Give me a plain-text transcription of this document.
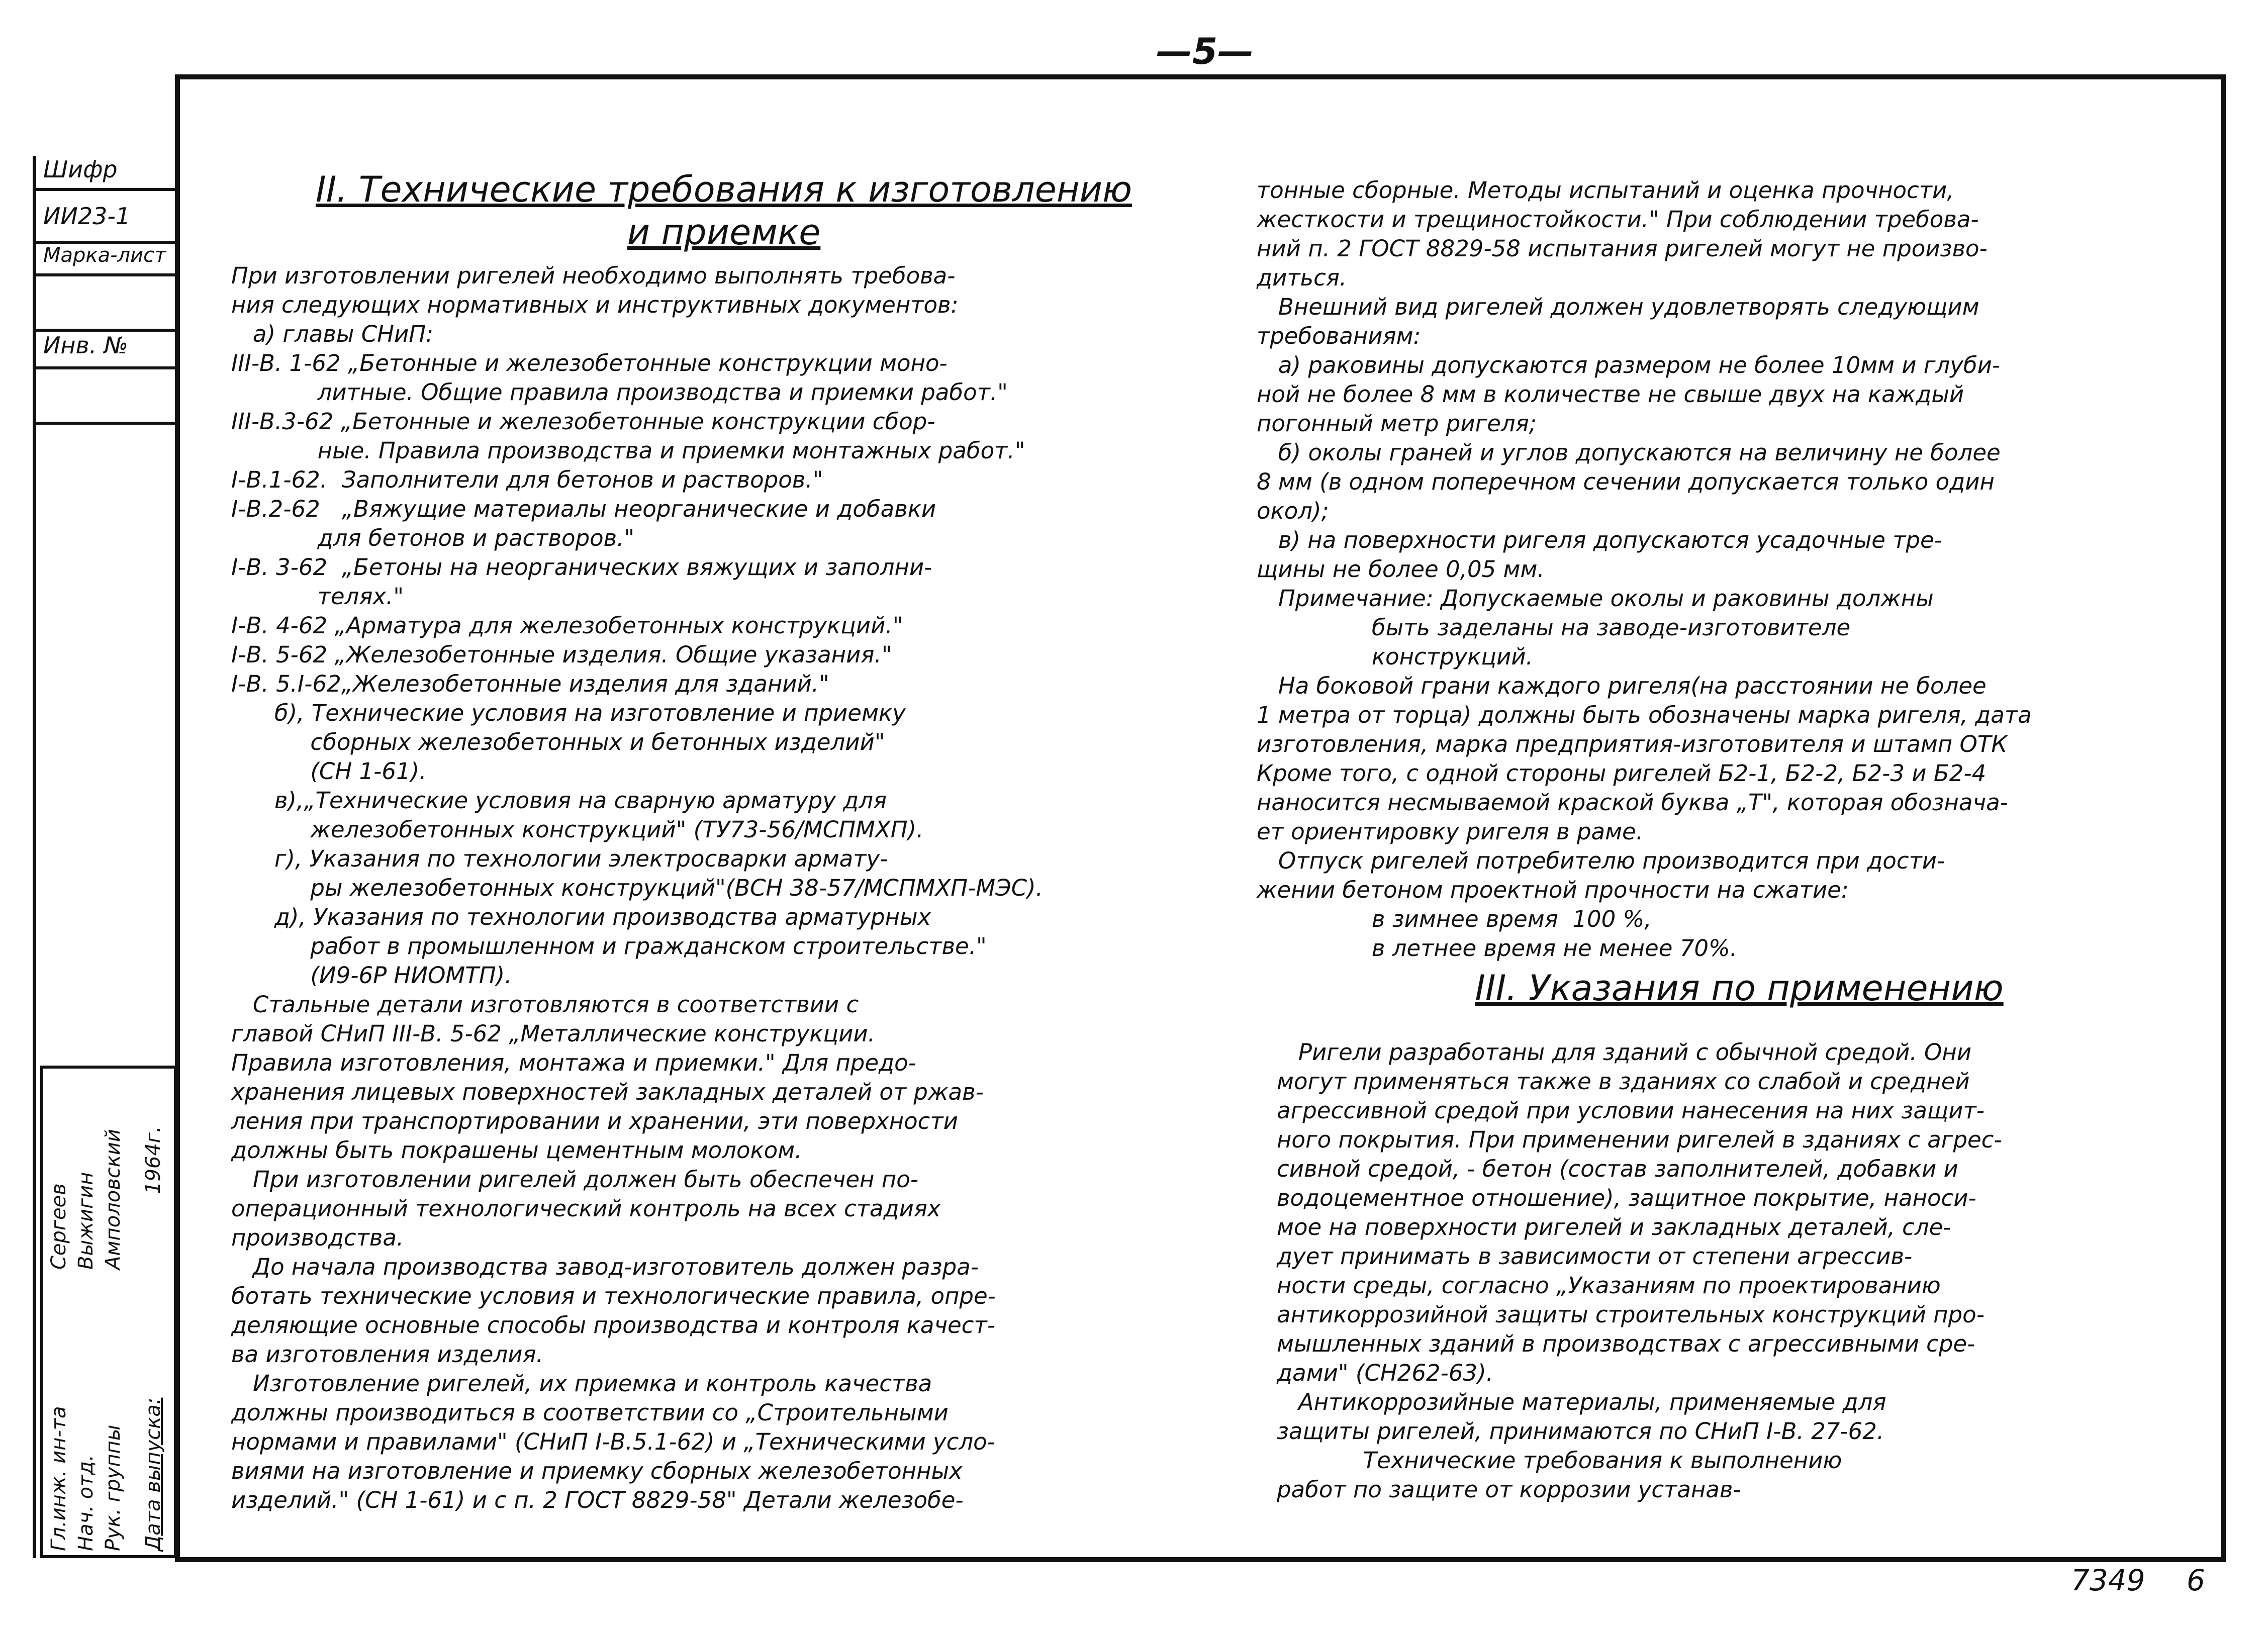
—5—
Шифр
ИИ23-1
Марка-лист
Инв. №
Гл.инж. ин-та Нач. отд. Рук. группы Дата выпуска:
Сергеев Выжигин Амполовский 1964г.
II. Технические требования к изготовлению
и приемке
При изготовлении ригелей необходимо выполнять требова-
ния следующих нормативных и инструктивных документов:
а) главы СНиП:
III-В. 1-62 „Бетонные и железобетонные конструкции моно-
литные. Общие правила производства и приемки работ."
III-В.3-62 „Бетонные и железобетонные конструкции сбор-
ные. Правила производства и приемки монтажных работ."
I-В.1-62.  Заполнители для бетонов и растворов."
I-В.2-62   „Вяжущие материалы неорганические и добавки
для бетонов и растворов."
I-В. 3-62  „Бетоны на неорганических вяжущих и заполни-
телях."
I-В. 4-62 „Арматура для железобетонных конструкций."
I-В. 5-62 „Железобетонные изделия. Общие указания."
I-В. 5.I-62„Железобетонные изделия для зданий."
б), Технические условия на изготовление и приемку
сборных железобетонных и бетонных изделий"
(СН 1-61).
в),„Технические условия на сварную арматуру для
железобетонных конструкций" (ТУ73-56/МСПМХП).
г), Указания по технологии электросварки армату-
ры железобетонных конструкций"(ВСН 38-57/МСПМХП-МЭС).
д), Указания по технологии производства арматурных
работ в промышленном и гражданском строительстве."
(И9-6Р НИОМТП).
Стальные детали изготовляются в соответствии с
главой СНиП III-В. 5-62 „Металлические конструкции.
Правила изготовления, монтажа и приемки." Для предо-
хранения лицевых поверхностей закладных деталей от ржав-
ления при транспортировании и хранении, эти поверхности
должны быть покрашены цементным молоком.
При изготовлении ригелей должен быть обеспечен по-
операционный технологический контроль на всех стадиях
производства.
До начала производства завод-изготовитель должен разра-
ботать технические условия и технологические правила, опре-
деляющие основные способы производства и контроля качест-
ва изготовления изделия.
Изготовление ригелей, их приемка и контроль качества
должны производиться в соответствии со „Строительными
нормами и правилами" (СНиП I-В.5.1-62) и „Техническими усло-
виями на изготовление и приемку сборных железобетонных
изделий." (СН 1-61) и с п. 2 ГОСТ 8829-58" Детали железобе-
тонные сборные. Методы испытаний и оценка прочности,
жесткости и трещиностойкости." При соблюдении требова-
ний п. 2 ГОСТ 8829-58 испытания ригелей могут не произво-
диться.
Внешний вид ригелей должен удовлетворять следующим
требованиям:
а) раковины допускаются размером не более 10мм и глуби-
ной не более 8 мм в количестве не свыше двух на каждый
погонный метр ригеля;
б) околы граней и углов допускаются на величину не более
8 мм (в одном поперечном сечении допускается только один
окол);
в) на поверхности ригеля допускаются усадочные тре-
щины не более 0,05 мм.
Примечание: Допускаемые околы и раковины должны
быть заделаны на заводе-изготовителе
конструкций.
На боковой грани каждого ригеля(на расстоянии не более
1 метра от торца) должны быть обозначены марка ригеля, дата
изготовления, марка предприятия-изготовителя и штамп ОТК
Кроме того, с одной стороны ригелей Б2-1, Б2-2, Б2-3 и Б2-4
наносится несмываемой краской буква „Т", которая обознача-
ет ориентировку ригеля в раме.
Отпуск ригелей потребителю производится при дости-
жении бетоном проектной прочности на сжатие:
в зимнее время  100 %,
в летнее время не менее 70%.
III. Указания по применению
Ригели разработаны для зданий с обычной средой. Они
могут применяться также в зданиях со слабой и средней
агрессивной средой при условии нанесения на них защит-
ного покрытия. При применении ригелей в зданиях с агрес-
сивной средой, - бетон (состав заполнителей, добавки и
водоцементное отношение), защитное покрытие, наноси-
мое на поверхности ригелей и закладных деталей, сле-
дует принимать в зависимости от степени агрессив-
ности среды, согласно „Указаниям по проектированию
антикоррозийной защиты строительных конструкций про-
мышленных зданий в производствах с агрессивными сре-
дами" (СН262-63).
Антикоррозийные материалы, применяемые для
защиты ригелей, принимаются по СНиП I-В. 27-62.
Технические требования к выполнению
работ по защите от коррозии устанав-
7349 6
